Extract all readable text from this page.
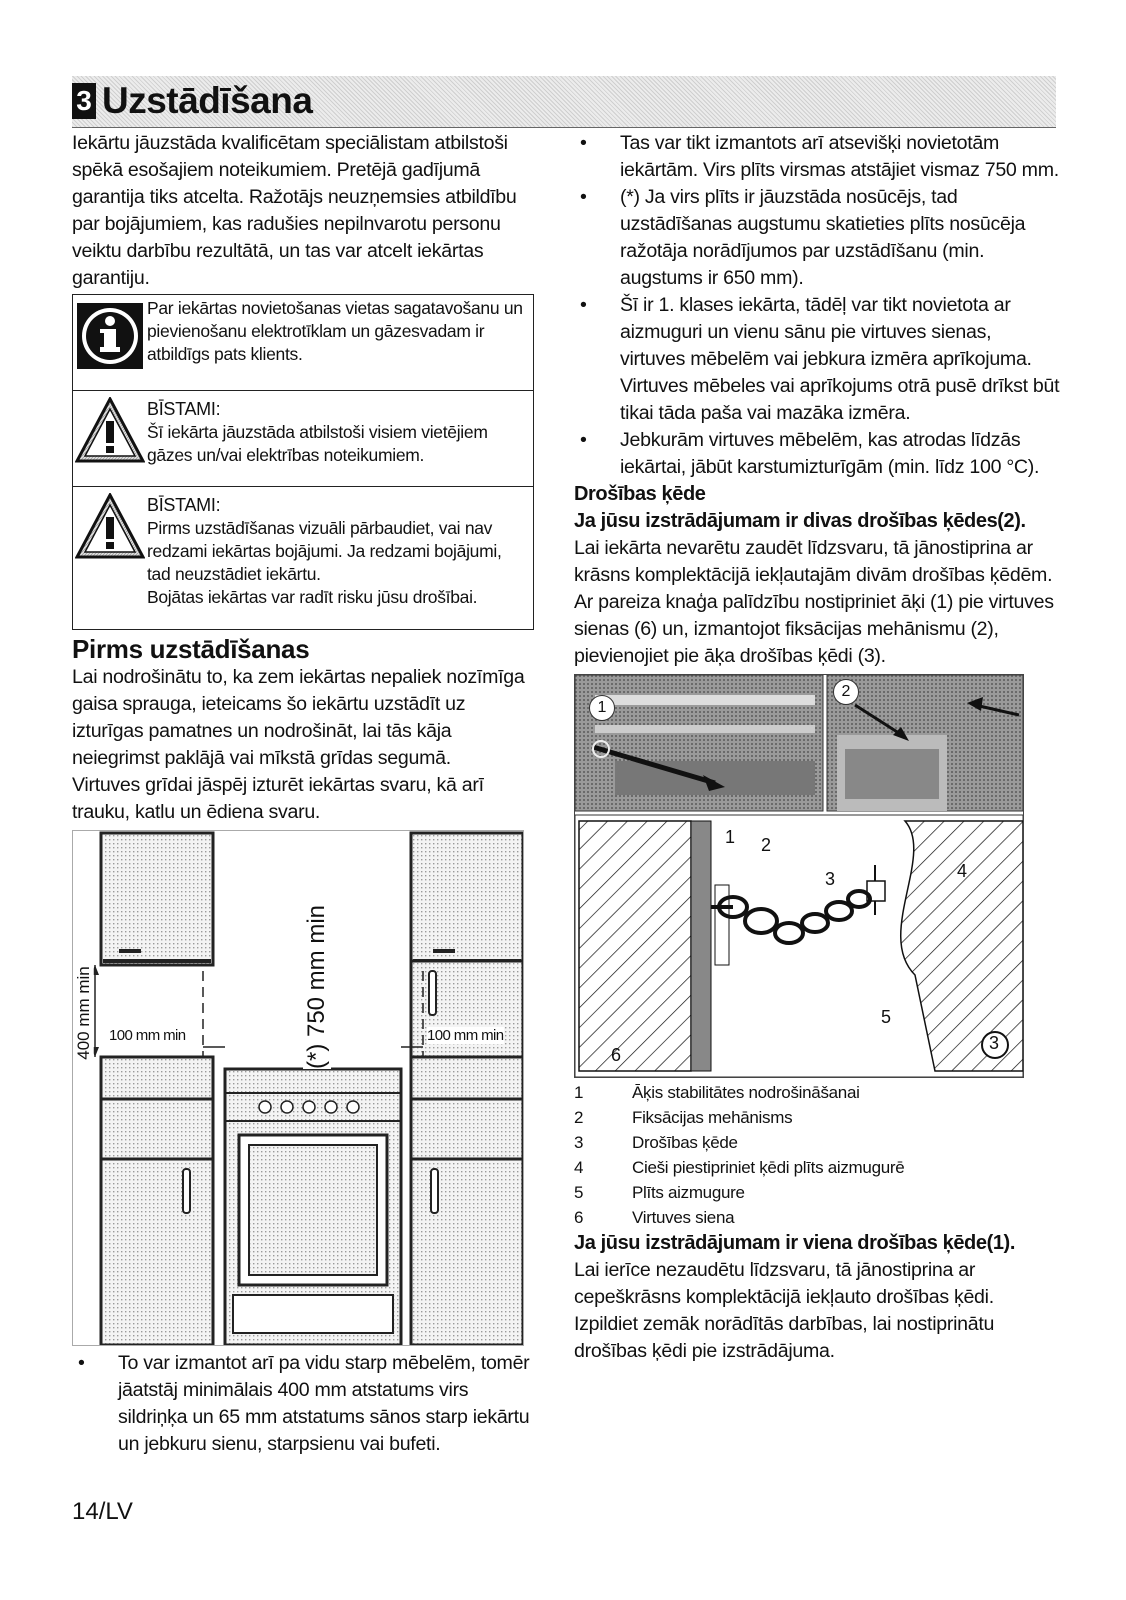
3 Uzstādīšana

Iekārtu jāuzstāda kvalificētam speciālistam atbilstoši spēkā esošajiem noteikumiem. Pretējā gadījumā garantija tiks atcelta. Ražotājs neuzņemsies atbildību par bojājumiem, kas radušies nepilnvarotu personu veiktu darbību rezultātā, un tas var atcelt iekārtas garantiju.

Par iekārtas novietošanas vietas sagatavošanu un pievienošanu elektrotīklam un gāzesvadam ir atbildīgs pats klients.
BĪSTAMI:
Šī iekārta jāuzstāda atbilstoši visiem vietējiem gāzes un/vai elektrības noteikumiem.
BĪSTAMI:
Pirms uzstādīšanas vizuāli pārbaudiet, vai nav redzami iekārtas bojājumi. Ja redzami bojājumi, tad neuzstādiet iekārtu.
Bojātas iekārtas var radīt risku jūsu drošībai.
Pirms uzstādīšanas

Lai nodrošinātu to, ka zem iekārtas nepaliek nozīmīga gaisa sprauga, ieteicams šo iekārtu uzstādīt uz izturīgas pamatnes un nodrošināt, lai tās kāja neiegrimst paklājā vai mīkstā grīdas segumā.

Virtuves grīdai jāspēj izturēt iekārtas svaru, kā arī trauku, katlu un ēdiena svaru.

400 mm min 100 mm min	(*) 750 mm min	100 mm min
• To var izmantot arī pa vidu starp mēbelēm, tomēr jāatstāj minimālais 400 mm atstatums virs sildriņķa un 65 mm atstatums sānos starp iekārtu un jebkuru sienu, starpsienu vai bufeti.
• Tas var tikt izmantots arī atsevišķi novietotām iekārtām. Virs plīts virsmas atstājiet vismaz 750 mm.
• (*) Ja virs plīts ir jāuzstāda nosūcējs, tad uzstādīšanas augstumu skatieties plīts nosūcēja ražotāja norādījumos par uzstādīšanu (min. augstums ir 650 mm).
• Šī ir 1. klases iekārta, tādēļ var tikt novietota ar aizmuguri un vienu sānu pie virtuves sienas, virtuves mēbelēm vai jebkura izmēra aprīkojuma. Virtuves mēbeles vai aprīkojums otrā pusē drīkst būt tikai tāda paša vai mazāka izmēra.
• Jebkurām virtuves mēbelēm, kas atrodas līdzās iekārtai, jābūt karstumizturīgām (min. līdz 100 °C).
Drošības ķēde
Ja jūsu izstrādājumam ir divas drošības ķēdes(2).

Lai iekārta nevarētu zaudēt līdzsvaru, tā jānostiprina ar krāsns komplektācijā iekļautajām divām drošības ķēdēm.

Ar pareiza knaģa palīdzību nostipriniet āķi (1) pie virtuves sienas (6) un, izmantojot fiksācijas mehānismu (2), pievienojiet pie āķa drošības ķēdi (3).

1
2
1 2
3	4
5
6
3
1	Āķis stabilitātes nodrošināšanai
2	Fiksācijas mehānisms
3	Drošības ķēde
4	Cieši piestipriniet ķēdi plīts aizmugurē
5	Plīts aizmugure
6	Virtuves siena
Ja jūsu izstrādājumam ir viena drošības ķēde(1).

Lai ierīce nezaudētu līdzsvaru, tā jānostiprina ar cepeškrāsns komplektācijā iekļauto drošības ķēdi. Izpildiet zemāk norādītās darbības, lai nostiprinātu drošības ķēdi pie izstrādājuma.

14/LV
